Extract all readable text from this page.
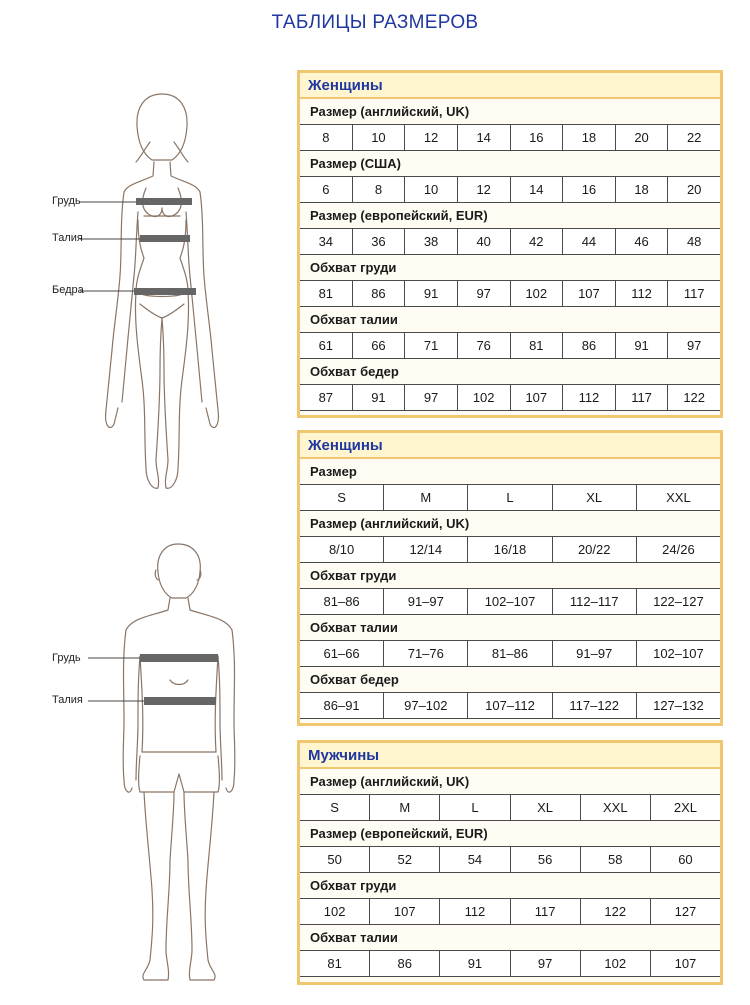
ТАБЛИЦЫ РАЗМЕРОВ
Грудь
Талия
Бедра
Грудь
Талия
Женщины
Размер (английский, UK)
8	10	12	14	16	18	20	22
Размер (США)
6	8	10	12	14	16	18	20
Размер (европейский, EUR)
34	36	38	40	42	44	46	48
Обхват груди
81	86	91	97	102	107	112	117
Обхват талии
61	66	71	76	81	86	91	97
Обхват бедер
87	91	97	102	107	112	117	122
Женщины
Размер
S	M	L	XL	XXL
Размер (английский, UK)
8/10	12/14	16/18	20/22	24/26
Обхват груди
81–86	91–97	102–107	112–117	122–127
Обхват талии
61–66	71–76	81–86	91–97	102–107
Обхват бедер
86–91	97–102	107–112	117–122	127–132
Мужчины
Размер (английский, UK)
S	M	L	XL	XXL	2XL
Размер (европейский, EUR)
50	52	54	56	58	60
Обхват груди
102	107	112	117	122	127
Обхват талии
81	86	91	97	102	107
